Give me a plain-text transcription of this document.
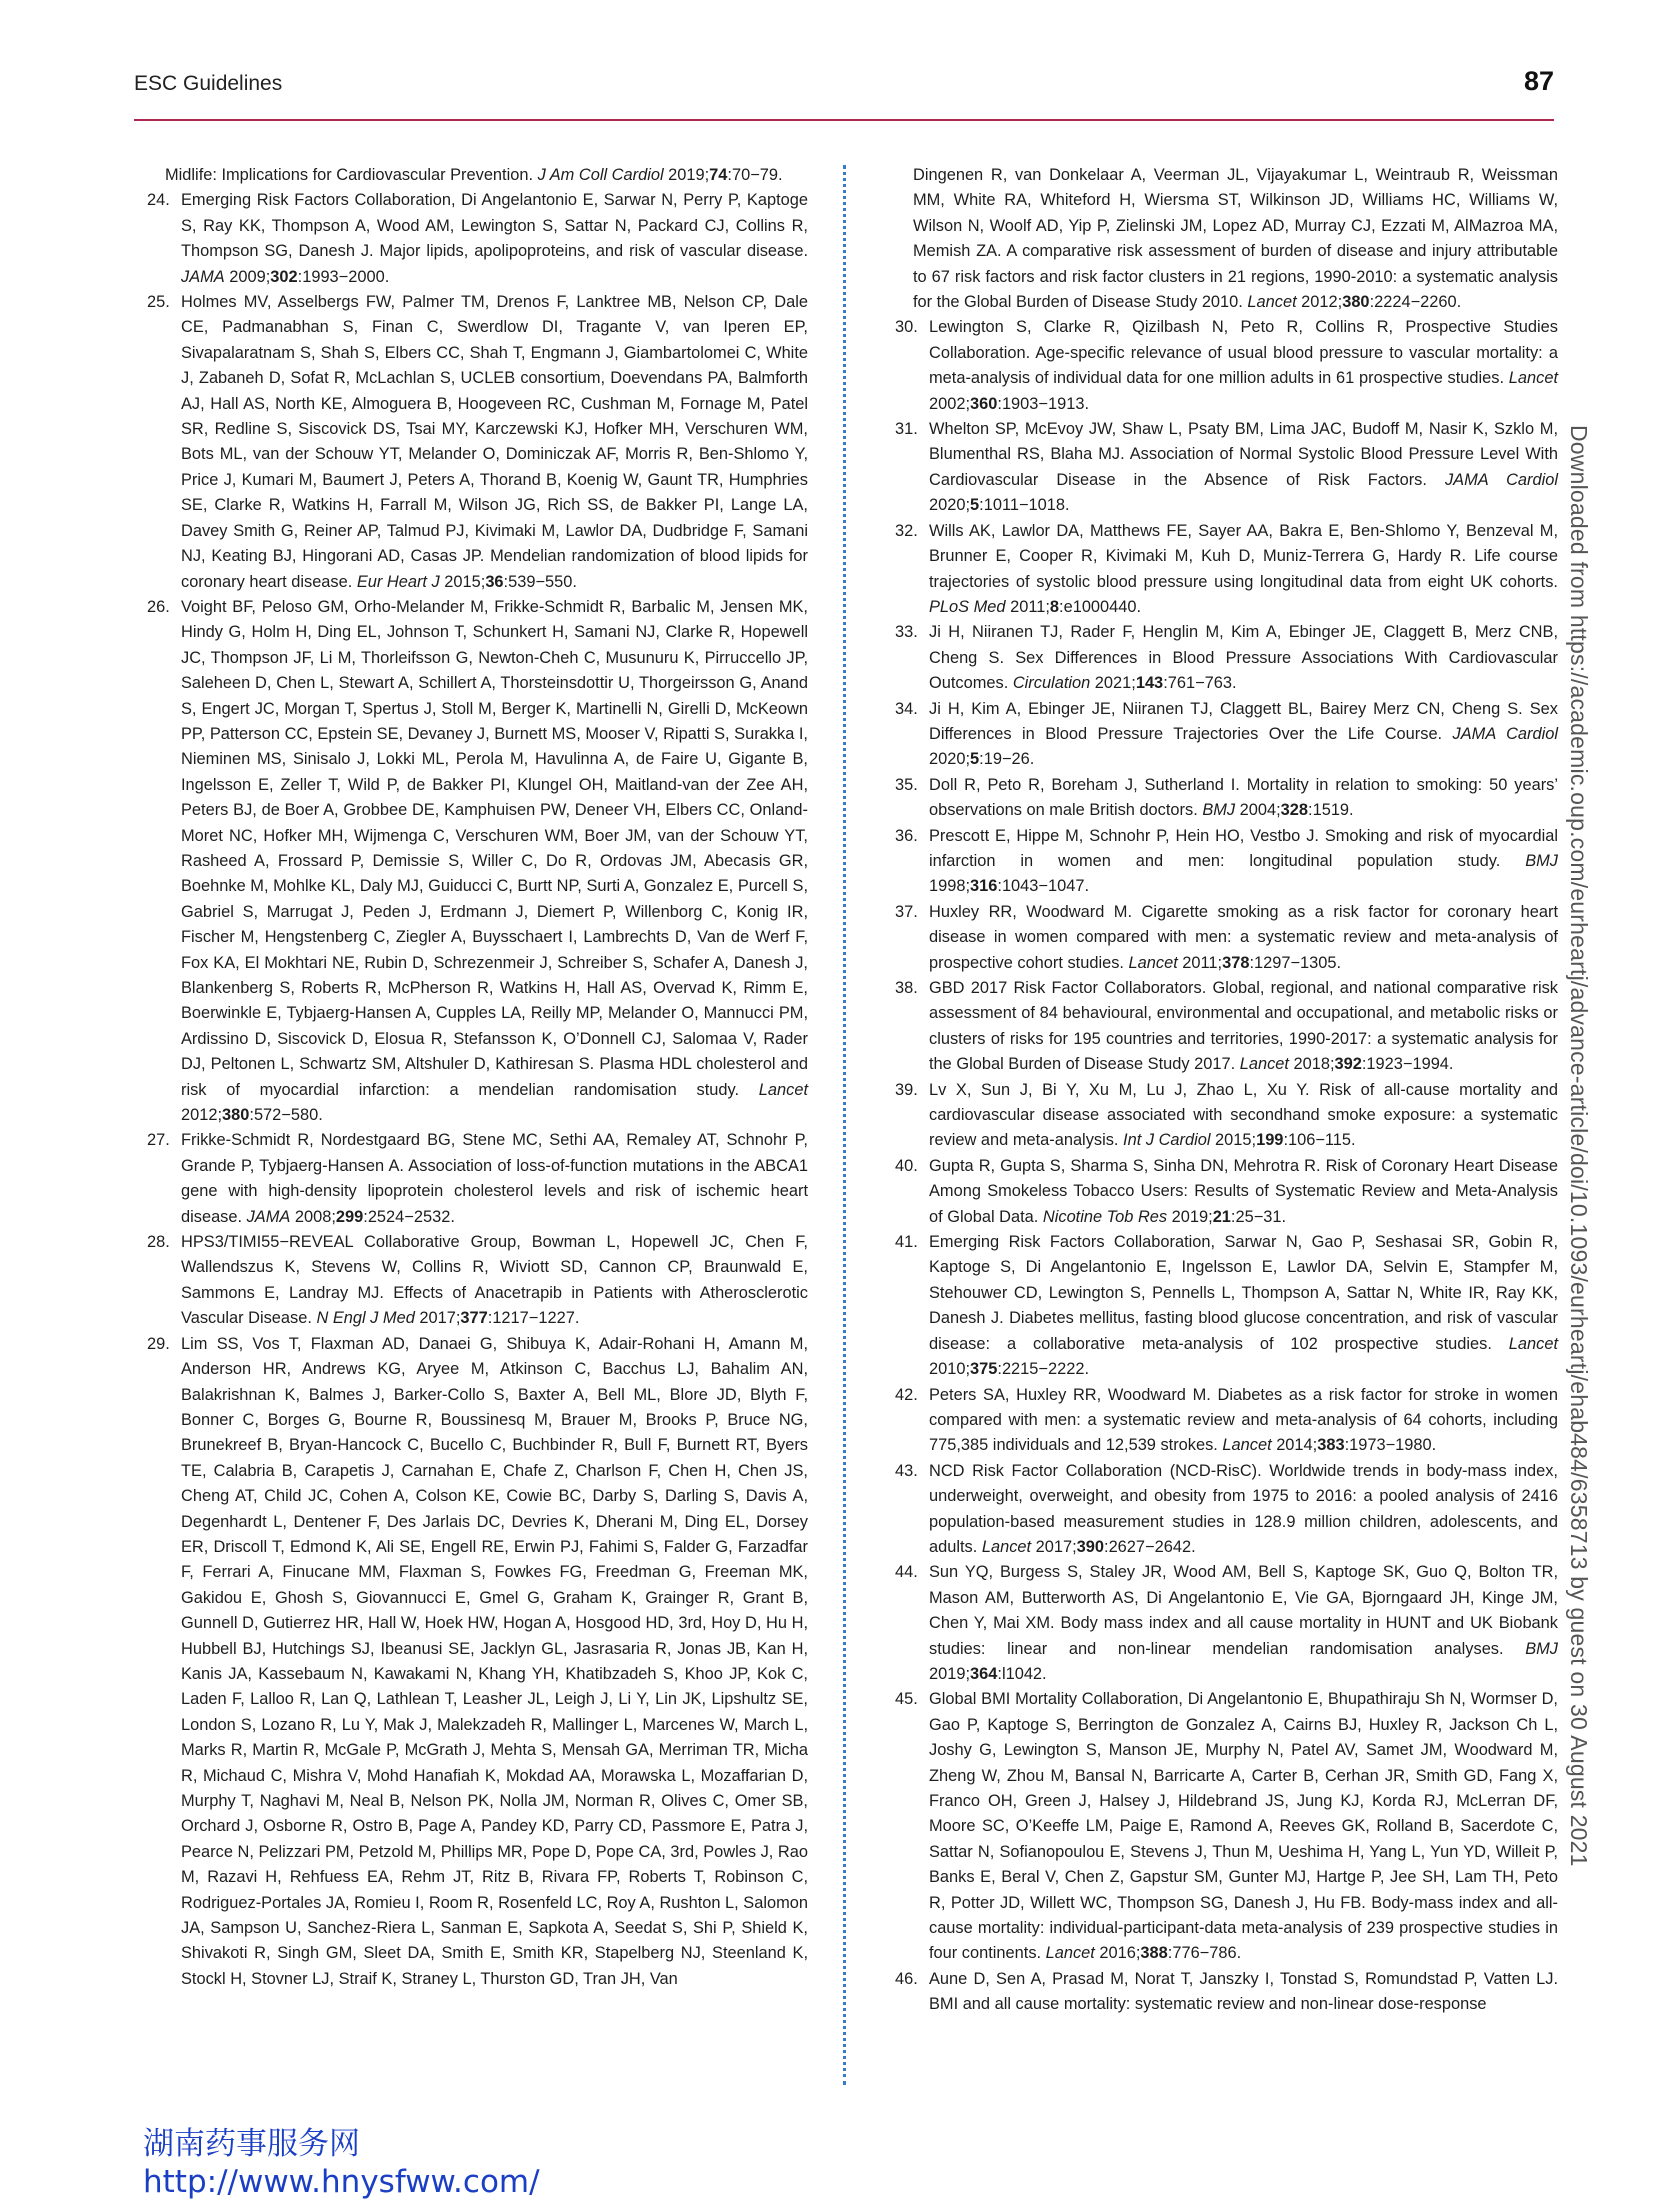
ESC Guidelines	87

Midlife: Implications for Cardiovascular Prevention. J Am Coll Cardiol 2019;74:70−79.

24. Emerging Risk Factors Collaboration, Di Angelantonio E, Sarwar N, Perry P, Kaptoge S, Ray KK, Thompson A, Wood AM, Lewington S, Sattar N, Packard CJ, Collins R, Thompson SG, Danesh J. Major lipids, apolipoproteins, and risk of vascular disease. JAMA 2009;302:1993−2000.

25. Holmes MV, Asselbergs FW, Palmer TM, Drenos F, Lanktree MB, Nelson CP, Dale CE, Padmanabhan S, Finan C, Swerdlow DI, Tragante V, van Iperen EP, Sivapalaratnam S, Shah S, Elbers CC, Shah T, Engmann J, Giambartolomei C, White J, Zabaneh D, Sofat R, McLachlan S, UCLEB consortium, Doevendans PA, Balmforth AJ, Hall AS, North KE, Almoguera B, Hoogeveen RC, Cushman M, Fornage M, Patel SR, Redline S, Siscovick DS, Tsai MY, Karczewski KJ, Hofker MH, Verschuren WM, Bots ML, van der Schouw YT, Melander O, Dominiczak AF, Morris R, Ben-Shlomo Y, Price J, Kumari M, Baumert J, Peters A, Thorand B, Koenig W, Gaunt TR, Humphries SE, Clarke R, Watkins H, Farrall M, Wilson JG, Rich SS, de Bakker PI, Lange LA, Davey Smith G, Reiner AP, Talmud PJ, Kivimaki M, Lawlor DA, Dudbridge F, Samani NJ, Keating BJ, Hingorani AD, Casas JP. Mendelian randomization of blood lipids for coronary heart disease. Eur Heart J 2015;36:539−550.

26. Voight BF, Peloso GM, Orho-Melander M, Frikke-Schmidt R, Barbalic M, Jensen MK, Hindy G, Holm H, Ding EL, Johnson T, Schunkert H, Samani NJ, Clarke R, Hopewell JC, Thompson JF, Li M, Thorleifsson G, Newton-Cheh C, Musunuru K, Pirruccello JP, Saleheen D, Chen L, Stewart A, Schillert A, Thorsteinsdottir U, Thorgeirsson G, Anand S, Engert JC, Morgan T, Spertus J, Stoll M, Berger K, Martinelli N, Girelli D, McKeown PP, Patterson CC, Epstein SE, Devaney J, Burnett MS, Mooser V, Ripatti S, Surakka I, Nieminen MS, Sinisalo J, Lokki ML, Perola M, Havulinna A, de Faire U, Gigante B, Ingelsson E, Zeller T, Wild P, de Bakker PI, Klungel OH, Maitland-van der Zee AH, Peters BJ, de Boer A, Grobbee DE, Kamphuisen PW, Deneer VH, Elbers CC, Onland-Moret NC, Hofker MH, Wijmenga C, Verschuren WM, Boer JM, van der Schouw YT, Rasheed A, Frossard P, Demissie S, Willer C, Do R, Ordovas JM, Abecasis GR, Boehnke M, Mohlke KL, Daly MJ, Guiducci C, Burtt NP, Surti A, Gonzalez E, Purcell S, Gabriel S, Marrugat J, Peden J, Erdmann J, Diemert P, Willenborg C, Konig IR, Fischer M, Hengstenberg C, Ziegler A, Buysschaert I, Lambrechts D, Van de Werf F, Fox KA, El Mokhtari NE, Rubin D, Schrezenmeir J, Schreiber S, Schafer A, Danesh J, Blankenberg S, Roberts R, McPherson R, Watkins H, Hall AS, Overvad K, Rimm E, Boerwinkle E, Tybjaerg-Hansen A, Cupples LA, Reilly MP, Melander O, Mannucci PM, Ardissino D, Siscovick D, Elosua R, Stefansson K, O’Donnell CJ, Salomaa V, Rader DJ, Peltonen L, Schwartz SM, Altshuler D, Kathiresan S. Plasma HDL cholesterol and risk of myocardial infarction: a mendelian randomisation study. Lancet 2012;380:572−580.

27. Frikke-Schmidt R, Nordestgaard BG, Stene MC, Sethi AA, Remaley AT, Schnohr P, Grande P, Tybjaerg-Hansen A. Association of loss-of-function mutations in the ABCA1 gene with high-density lipoprotein cholesterol levels and risk of ischemic heart disease. JAMA 2008;299:2524−2532.

28. HPS3/TIMI55−REVEAL Collaborative Group, Bowman L, Hopewell JC, Chen F, Wallendszus K, Stevens W, Collins R, Wiviott SD, Cannon CP, Braunwald E, Sammons E, Landray MJ. Effects of Anacetrapib in Patients with Atherosclerotic Vascular Disease. N Engl J Med 2017;377:1217−1227.

29. Lim SS, Vos T, Flaxman AD, Danaei G, Shibuya K, Adair-Rohani H, Amann M, Anderson HR, Andrews KG, Aryee M, Atkinson C, Bacchus LJ, Bahalim AN, Balakrishnan K, Balmes J, Barker-Collo S, Baxter A, Bell ML, Blore JD, Blyth F, Bonner C, Borges G, Bourne R, Boussinesq M, Brauer M, Brooks P, Bruce NG, Brunekreef B, Bryan-Hancock C, Bucello C, Buchbinder R, Bull F, Burnett RT, Byers TE, Calabria B, Carapetis J, Carnahan E, Chafe Z, Charlson F, Chen H, Chen JS, Cheng AT, Child JC, Cohen A, Colson KE, Cowie BC, Darby S, Darling S, Davis A, Degenhardt L, Dentener F, Des Jarlais DC, Devries K, Dherani M, Ding EL, Dorsey ER, Driscoll T, Edmond K, Ali SE, Engell RE, Erwin PJ, Fahimi S, Falder G, Farzadfar F, Ferrari A, Finucane MM, Flaxman S, Fowkes FG, Freedman G, Freeman MK, Gakidou E, Ghosh S, Giovannucci E, Gmel G, Graham K, Grainger R, Grant B, Gunnell D, Gutierrez HR, Hall W, Hoek HW, Hogan A, Hosgood HD, 3rd, Hoy D, Hu H, Hubbell BJ, Hutchings SJ, Ibeanusi SE, Jacklyn GL, Jasrasaria R, Jonas JB, Kan H, Kanis JA, Kassebaum N, Kawakami N, Khang YH, Khatibzadeh S, Khoo JP, Kok C, Laden F, Lalloo R, Lan Q, Lathlean T, Leasher JL, Leigh J, Li Y, Lin JK, Lipshultz SE, London S, Lozano R, Lu Y, Mak J, Malekzadeh R, Mallinger L, Marcenes W, March L, Marks R, Martin R, McGale P, McGrath J, Mehta S, Mensah GA, Merriman TR, Micha R, Michaud C, Mishra V, Mohd Hanafiah K, Mokdad AA, Morawska L, Mozaffarian D, Murphy T, Naghavi M, Neal B, Nelson PK, Nolla JM, Norman R, Olives C, Omer SB, Orchard J, Osborne R, Ostro B, Page A, Pandey KD, Parry CD, Passmore E, Patra J, Pearce N, Pelizzari PM, Petzold M, Phillips MR, Pope D, Pope CA, 3rd, Powles J, Rao M, Razavi H, Rehfuess EA, Rehm JT, Ritz B, Rivara FP, Roberts T, Robinson C, Rodriguez-Portales JA, Romieu I, Room R, Rosenfeld LC, Roy A, Rushton L, Salomon JA, Sampson U, Sanchez-Riera L, Sanman E, Sapkota A, Seedat S, Shi P, Shield K, Shivakoti R, Singh GM, Sleet DA, Smith E, Smith KR, Stapelberg NJ, Steenland K, Stockl H, Stovner LJ, Straif K, Straney L, Thurston GD, Tran JH, Van

Dingenen R, van Donkelaar A, Veerman JL, Vijayakumar L, Weintraub R, Weissman MM, White RA, Whiteford H, Wiersma ST, Wilkinson JD, Williams HC, Williams W, Wilson N, Woolf AD, Yip P, Zielinski JM, Lopez AD, Murray CJ, Ezzati M, AlMazroa MA, Memish ZA. A comparative risk assessment of burden of disease and injury attributable to 67 risk factors and risk factor clusters in 21 regions, 1990-2010: a systematic analysis for the Global Burden of Disease Study 2010. Lancet 2012;380:2224−2260.

30. Lewington S, Clarke R, Qizilbash N, Peto R, Collins R, Prospective Studies Collaboration. Age-specific relevance of usual blood pressure to vascular mortality: a meta-analysis of individual data for one million adults in 61 prospective studies. Lancet 2002;360:1903−1913.

31. Whelton SP, McEvoy JW, Shaw L, Psaty BM, Lima JAC, Budoff M, Nasir K, Szklo M, Blumenthal RS, Blaha MJ. Association of Normal Systolic Blood Pressure Level With Cardiovascular Disease in the Absence of Risk Factors. JAMA Cardiol 2020;5:1011−1018.

32. Wills AK, Lawlor DA, Matthews FE, Sayer AA, Bakra E, Ben-Shlomo Y, Benzeval M, Brunner E, Cooper R, Kivimaki M, Kuh D, Muniz-Terrera G, Hardy R. Life course trajectories of systolic blood pressure using longitudinal data from eight UK cohorts. PLoS Med 2011;8:e1000440.

33. Ji H, Niiranen TJ, Rader F, Henglin M, Kim A, Ebinger JE, Claggett B, Merz CNB, Cheng S. Sex Differences in Blood Pressure Associations With Cardiovascular Outcomes. Circulation 2021;143:761−763.

34. Ji H, Kim A, Ebinger JE, Niiranen TJ, Claggett BL, Bairey Merz CN, Cheng S. Sex Differences in Blood Pressure Trajectories Over the Life Course. JAMA Cardiol 2020;5:19−26.

35. Doll R, Peto R, Boreham J, Sutherland I. Mortality in relation to smoking: 50 years’ observations on male British doctors. BMJ 2004;328:1519.

36. Prescott E, Hippe M, Schnohr P, Hein HO, Vestbo J. Smoking and risk of myocardial infarction in women and men: longitudinal population study. BMJ 1998;316:1043−1047.

37. Huxley RR, Woodward M. Cigarette smoking as a risk factor for coronary heart disease in women compared with men: a systematic review and meta-analysis of prospective cohort studies. Lancet 2011;378:1297−1305.

38. GBD 2017 Risk Factor Collaborators. Global, regional, and national comparative risk assessment of 84 behavioural, environmental and occupational, and metabolic risks or clusters of risks for 195 countries and territories, 1990-2017: a systematic analysis for the Global Burden of Disease Study 2017. Lancet 2018;392:1923−1994.

39. Lv X, Sun J, Bi Y, Xu M, Lu J, Zhao L, Xu Y. Risk of all-cause mortality and cardiovascular disease associated with secondhand smoke exposure: a systematic review and meta-analysis. Int J Cardiol 2015;199:106−115.

40. Gupta R, Gupta S, Sharma S, Sinha DN, Mehrotra R. Risk of Coronary Heart Disease Among Smokeless Tobacco Users: Results of Systematic Review and Meta-Analysis of Global Data. Nicotine Tob Res 2019;21:25−31.

41. Emerging Risk Factors Collaboration, Sarwar N, Gao P, Seshasai SR, Gobin R, Kaptoge S, Di Angelantonio E, Ingelsson E, Lawlor DA, Selvin E, Stampfer M, Stehouwer CD, Lewington S, Pennells L, Thompson A, Sattar N, White IR, Ray KK, Danesh J. Diabetes mellitus, fasting blood glucose concentration, and risk of vascular disease: a collaborative meta-analysis of 102 prospective studies. Lancet 2010;375:2215−2222.

42. Peters SA, Huxley RR, Woodward M. Diabetes as a risk factor for stroke in women compared with men: a systematic review and meta-analysis of 64 cohorts, including 775,385 individuals and 12,539 strokes. Lancet 2014;383:1973−1980.

43. NCD Risk Factor Collaboration (NCD-RisC). Worldwide trends in body-mass index, underweight, overweight, and obesity from 1975 to 2016: a pooled analysis of 2416 population-based measurement studies in 128.9 million children, adolescents, and adults. Lancet 2017;390:2627−2642.

44. Sun YQ, Burgess S, Staley JR, Wood AM, Bell S, Kaptoge SK, Guo Q, Bolton TR, Mason AM, Butterworth AS, Di Angelantonio E, Vie GA, Bjorngaard JH, Kinge JM, Chen Y, Mai XM. Body mass index and all cause mortality in HUNT and UK Biobank studies: linear and non-linear mendelian randomisation analyses. BMJ 2019;364:l1042.

45. Global BMI Mortality Collaboration, Di Angelantonio E, Bhupathiraju Sh N, Wormser D, Gao P, Kaptoge S, Berrington de Gonzalez A, Cairns BJ, Huxley R, Jackson Ch L, Joshy G, Lewington S, Manson JE, Murphy N, Patel AV, Samet JM, Woodward M, Zheng W, Zhou M, Bansal N, Barricarte A, Carter B, Cerhan JR, Smith GD, Fang X, Franco OH, Green J, Halsey J, Hildebrand JS, Jung KJ, Korda RJ, McLerran DF, Moore SC, O’Keeffe LM, Paige E, Ramond A, Reeves GK, Rolland B, Sacerdote C, Sattar N, Sofianopoulou E, Stevens J, Thun M, Ueshima H, Yang L, Yun YD, Willeit P, Banks E, Beral V, Chen Z, Gapstur SM, Gunter MJ, Hartge P, Jee SH, Lam TH, Peto R, Potter JD, Willett WC, Thompson SG, Danesh J, Hu FB. Body-mass index and all-cause mortality: individual-participant-data meta-analysis of 239 prospective studies in four continents. Lancet 2016;388:776−786.

46. Aune D, Sen A, Prasad M, Norat T, Janszky I, Tonstad S, Romundstad P, Vatten LJ. BMI and all cause mortality: systematic review and non-linear dose-response

Downloaded from https://academic.oup.com/eurheartj/advance-article/doi/10.1093/eurheartj/ehab484/6358713 by guest on 30 August 2021
湖南药事服务网
http://www.hnysfww.com/
